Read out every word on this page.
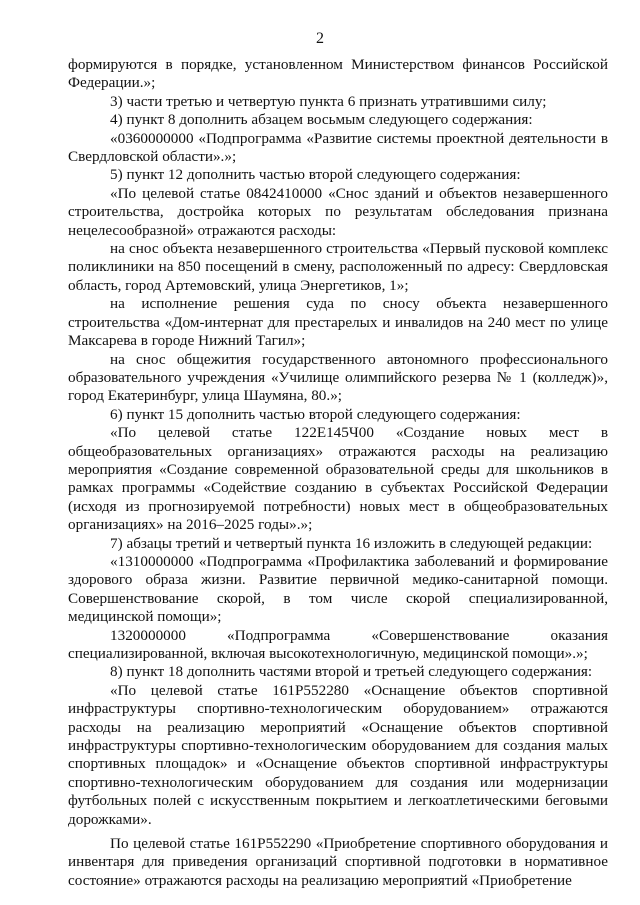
2

формируются в порядке, установленном Министерством финансов Российской Федерации.»;

3) части третью и четвертую пункта 6 признать утратившими силу;

4) пункт 8 дополнить абзацем восьмым следующего содержания:

«0360000000 «Подпрограмма «Развитие системы проектной деятельности в Свердловской области».»;

5) пункт 12 дополнить частью второй следующего содержания:

«По целевой статье 0842410000 «Снос зданий и объектов незавершенного строительства, достройка которых по результатам обследования признана нецелесообразной» отражаются расходы:

на снос объекта незавершенного строительства «Первый пусковой комплекс поликлиники на 850 посещений в смену, расположенный по адресу: Свердловская область, город Артемовский, улица Энергетиков, 1»;

на исполнение решения суда по сносу объекта незавершенного строительства «Дом-интернат для престарелых и инвалидов на 240 мест по улице Максарева в городе Нижний Тагил»;

на снос общежития государственного автономного профессионального образовательного учреждения «Училище олимпийского резерва № 1 (колледж)», город Екатеринбург, улица Шаумяна, 80.»;

6) пункт 15 дополнить частью второй следующего содержания:

«По целевой статье 122E145Ч00 «Создание новых мест в общеобразовательных организациях» отражаются расходы на реализацию мероприятия «Создание современной образовательной среды для школьников в рамках программы «Содействие созданию в субъектах Российской Федерации (исходя из прогнозируемой потребности) новых мест в общеобразовательных организациях» на 2016–2025 годы».»;

7) абзацы третий и четвертый пункта 16 изложить в следующей редакции:

«1310000000 «Подпрограмма «Профилактика заболеваний и формирование здорового образа жизни. Развитие первичной медико-санитарной помощи. Совершенствование скорой, в том числе скорой специализированной, медицинской помощи»;

1320000000 «Подпрограмма «Совершенствование оказания специализированной, включая высокотехнологичную, медицинской помощи».»;

8) пункт 18 дополнить частями второй и третьей следующего содержания:

«По целевой статье 161P552280 «Оснащение объектов спортивной инфраструктуры спортивно-технологическим оборудованием» отражаются расходы на реализацию мероприятий «Оснащение объектов спортивной инфраструктуры спортивно-технологическим оборудованием для создания малых спортивных площадок» и «Оснащение объектов спортивной инфраструктуры спортивно-технологическим оборудованием для создания или модернизации футбольных полей с искусственным покрытием и легкоатлетическими беговыми дорожками».

По целевой статье 161P552290 «Приобретение спортивного оборудования и инвентаря для приведения организаций спортивной подготовки в нормативное состояние» отражаются расходы на реализацию мероприятий «Приобретение
